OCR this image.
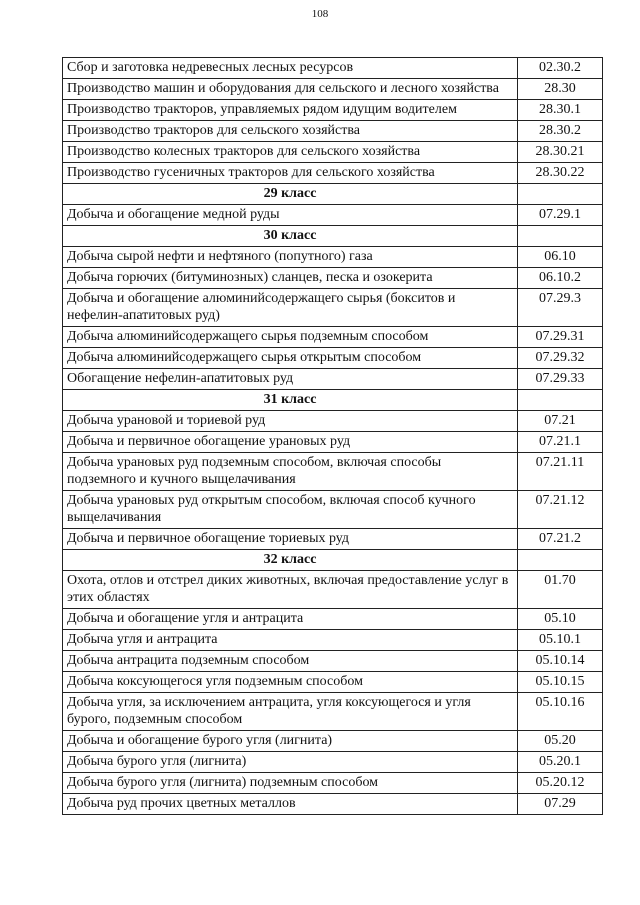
108
Сбор и заготовка недревесных лесных ресурсов	02.30.2
Производство машин и оборудования для сельского и лесного хозяйства	28.30
Производство тракторов, управляемых рядом идущим водителем	28.30.1
Производство тракторов для сельского хозяйства	28.30.2
Производство колесных тракторов для сельского хозяйства	28.30.21
Производство гусеничных тракторов для сельского хозяйства	28.30.22
29 класс	
Добыча и обогащение медной руды	07.29.1
30 класс	
Добыча сырой нефти и нефтяного (попутного) газа	06.10
Добыча горючих (битуминозных) сланцев, песка и озокерита	06.10.2
Добыча и обогащение алюминийсодержащего сырья (бокситов и нефелин-апатитовых руд)	07.29.3
Добыча алюминийсодержащего сырья подземным способом	07.29.31
Добыча алюминийсодержащего сырья открытым способом	07.29.32
Обогащение нефелин-апатитовых руд	07.29.33
31 класс	
Добыча урановой и ториевой руд	07.21
Добыча и первичное обогащение урановых руд	07.21.1
Добыча урановых руд подземным способом, включая способы подземного и кучного выщелачивания	07.21.11
Добыча урановых руд открытым способом, включая способ кучного выщелачивания	07.21.12
Добыча и первичное обогащение ториевых руд	07.21.2
32 класс	
Охота, отлов и отстрел диких животных, включая предоставление услуг в этих областях	01.70
Добыча и обогащение угля и антрацита	05.10
Добыча угля и антрацита	05.10.1
Добыча антрацита подземным способом	05.10.14
Добыча коксующегося угля подземным способом	05.10.15
Добыча угля, за исключением антрацита, угля коксующегося и угля бурого, подземным способом	05.10.16
Добыча и обогащение бурого угля (лигнита)	05.20
Добыча бурого угля (лигнита)	05.20.1
Добыча бурого угля (лигнита) подземным способом	05.20.12
Добыча руд прочих цветных металлов	07.29
